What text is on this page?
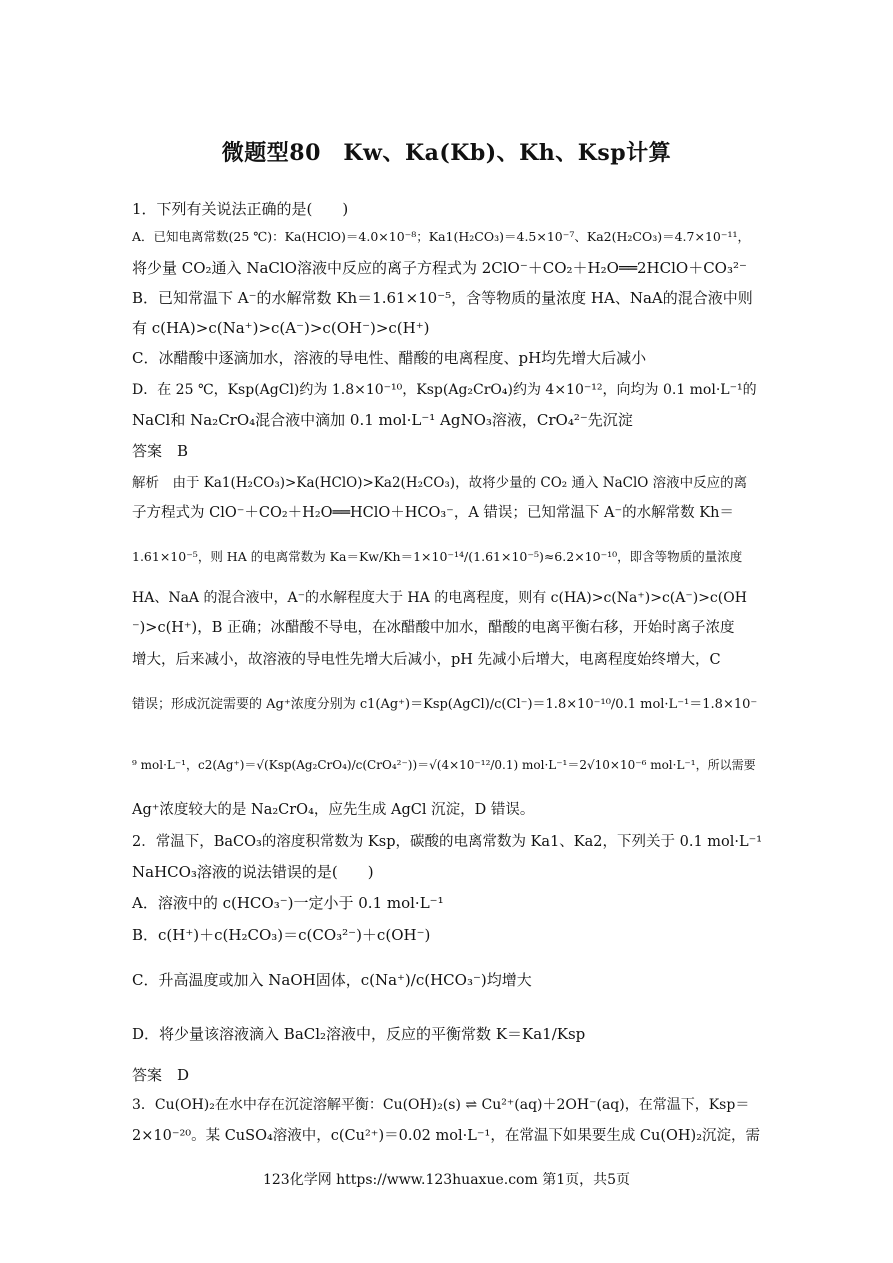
微题型80　Kw、Ka(Kb)、Kh、Ksp计算
1．下列有关说法正确的是(　　)
A．已知电离常数(25 ℃)：Ka(HClO)＝4.0×10⁻⁸；Ka1(H₂CO₃)＝4.5×10⁻⁷、Ka2(H₂CO₃)＝4.7×10⁻¹¹，
将少量 CO₂通入 NaClO溶液中反应的离子方程式为 2ClO⁻＋CO₂＋H₂O══2HClO＋CO₃²⁻
B．已知常温下 A⁻的水解常数 Kh＝1.61×10⁻⁵，含等物质的量浓度 HA、NaA的混合液中则
有 c(HA)>c(Na⁺)>c(A⁻)>c(OH⁻)>c(H⁺)
C．冰醋酸中逐滴加水，溶液的导电性、醋酸的电离程度、pH均先增大后减小
D．在 25 ℃，Ksp(AgCl)约为 1.8×10⁻¹⁰，Ksp(Ag₂CrO₄)约为 4×10⁻¹²，向均为 0.1 mol·L⁻¹的
NaCl和 Na₂CrO₄混合液中滴加 0.1 mol·L⁻¹ AgNO₃溶液，CrO₄²⁻先沉淀
答案　B
解析　由于 Ka1(H₂CO₃)>Ka(HClO)>Ka2(H₂CO₃)，故将少量的 CO₂ 通入 NaClO 溶液中反应的离
子方程式为 ClO⁻＋CO₂＋H₂O══HClO＋HCO₃⁻，A 错误；已知常温下 A⁻的水解常数 Kh＝
1.61×10⁻⁵，则 HA 的电离常数为 Ka＝Kw/Kh＝1×10⁻¹⁴/(1.61×10⁻⁵)≈6.2×10⁻¹⁰，即含等物质的量浓度
HA、NaA 的混合液中，A⁻的水解程度大于 HA 的电离程度，则有 c(HA)>c(Na⁺)>c(A⁻)>c(OH
⁻)>c(H⁺)，B 正确；冰醋酸不导电，在冰醋酸中加水，醋酸的电离平衡右移，开始时离子浓度
增大，后来减小，故溶液的导电性先增大后减小，pH 先减小后增大，电离程度始终增大，C
错误；形成沉淀需要的 Ag⁺浓度分别为 c1(Ag⁺)＝Ksp(AgCl)/c(Cl⁻)＝1.8×10⁻¹⁰/0.1 mol·L⁻¹＝1.8×10⁻
⁹ mol·L⁻¹，c2(Ag⁺)＝√(Ksp(Ag₂CrO₄)/c(CrO₄²⁻))＝√(4×10⁻¹²/0.1) mol·L⁻¹＝2√10×10⁻⁶ mol·L⁻¹，所以需要
Ag⁺浓度较大的是 Na₂CrO₄，应先生成 AgCl 沉淀，D 错误。
2．常温下，BaCO₃的溶度积常数为 Ksp，碳酸的电离常数为 Ka1、Ka2，下列关于 0.1 mol·L⁻¹
NaHCO₃溶液的说法错误的是(　　)
A．溶液中的 c(HCO₃⁻)一定小于 0.1 mol·L⁻¹
B．c(H⁺)＋c(H₂CO₃)＝c(CO₃²⁻)＋c(OH⁻)
C．升高温度或加入 NaOH固体，c(Na⁺)/c(HCO₃⁻)均增大
D．将少量该溶液滴入 BaCl₂溶液中，反应的平衡常数 K＝Ka1/Ksp
答案　D
3．Cu(OH)₂在水中存在沉淀溶解平衡：Cu(OH)₂(s) ⇌ Cu²⁺(aq)＋2OH⁻(aq)，在常温下，Ksp＝
2×10⁻²⁰。某 CuSO₄溶液中，c(Cu²⁺)＝0.02 mol·L⁻¹，在常温下如果要生成 Cu(OH)₂沉淀，需
123化学网 https://www.123huaxue.com 第1页，共5页
